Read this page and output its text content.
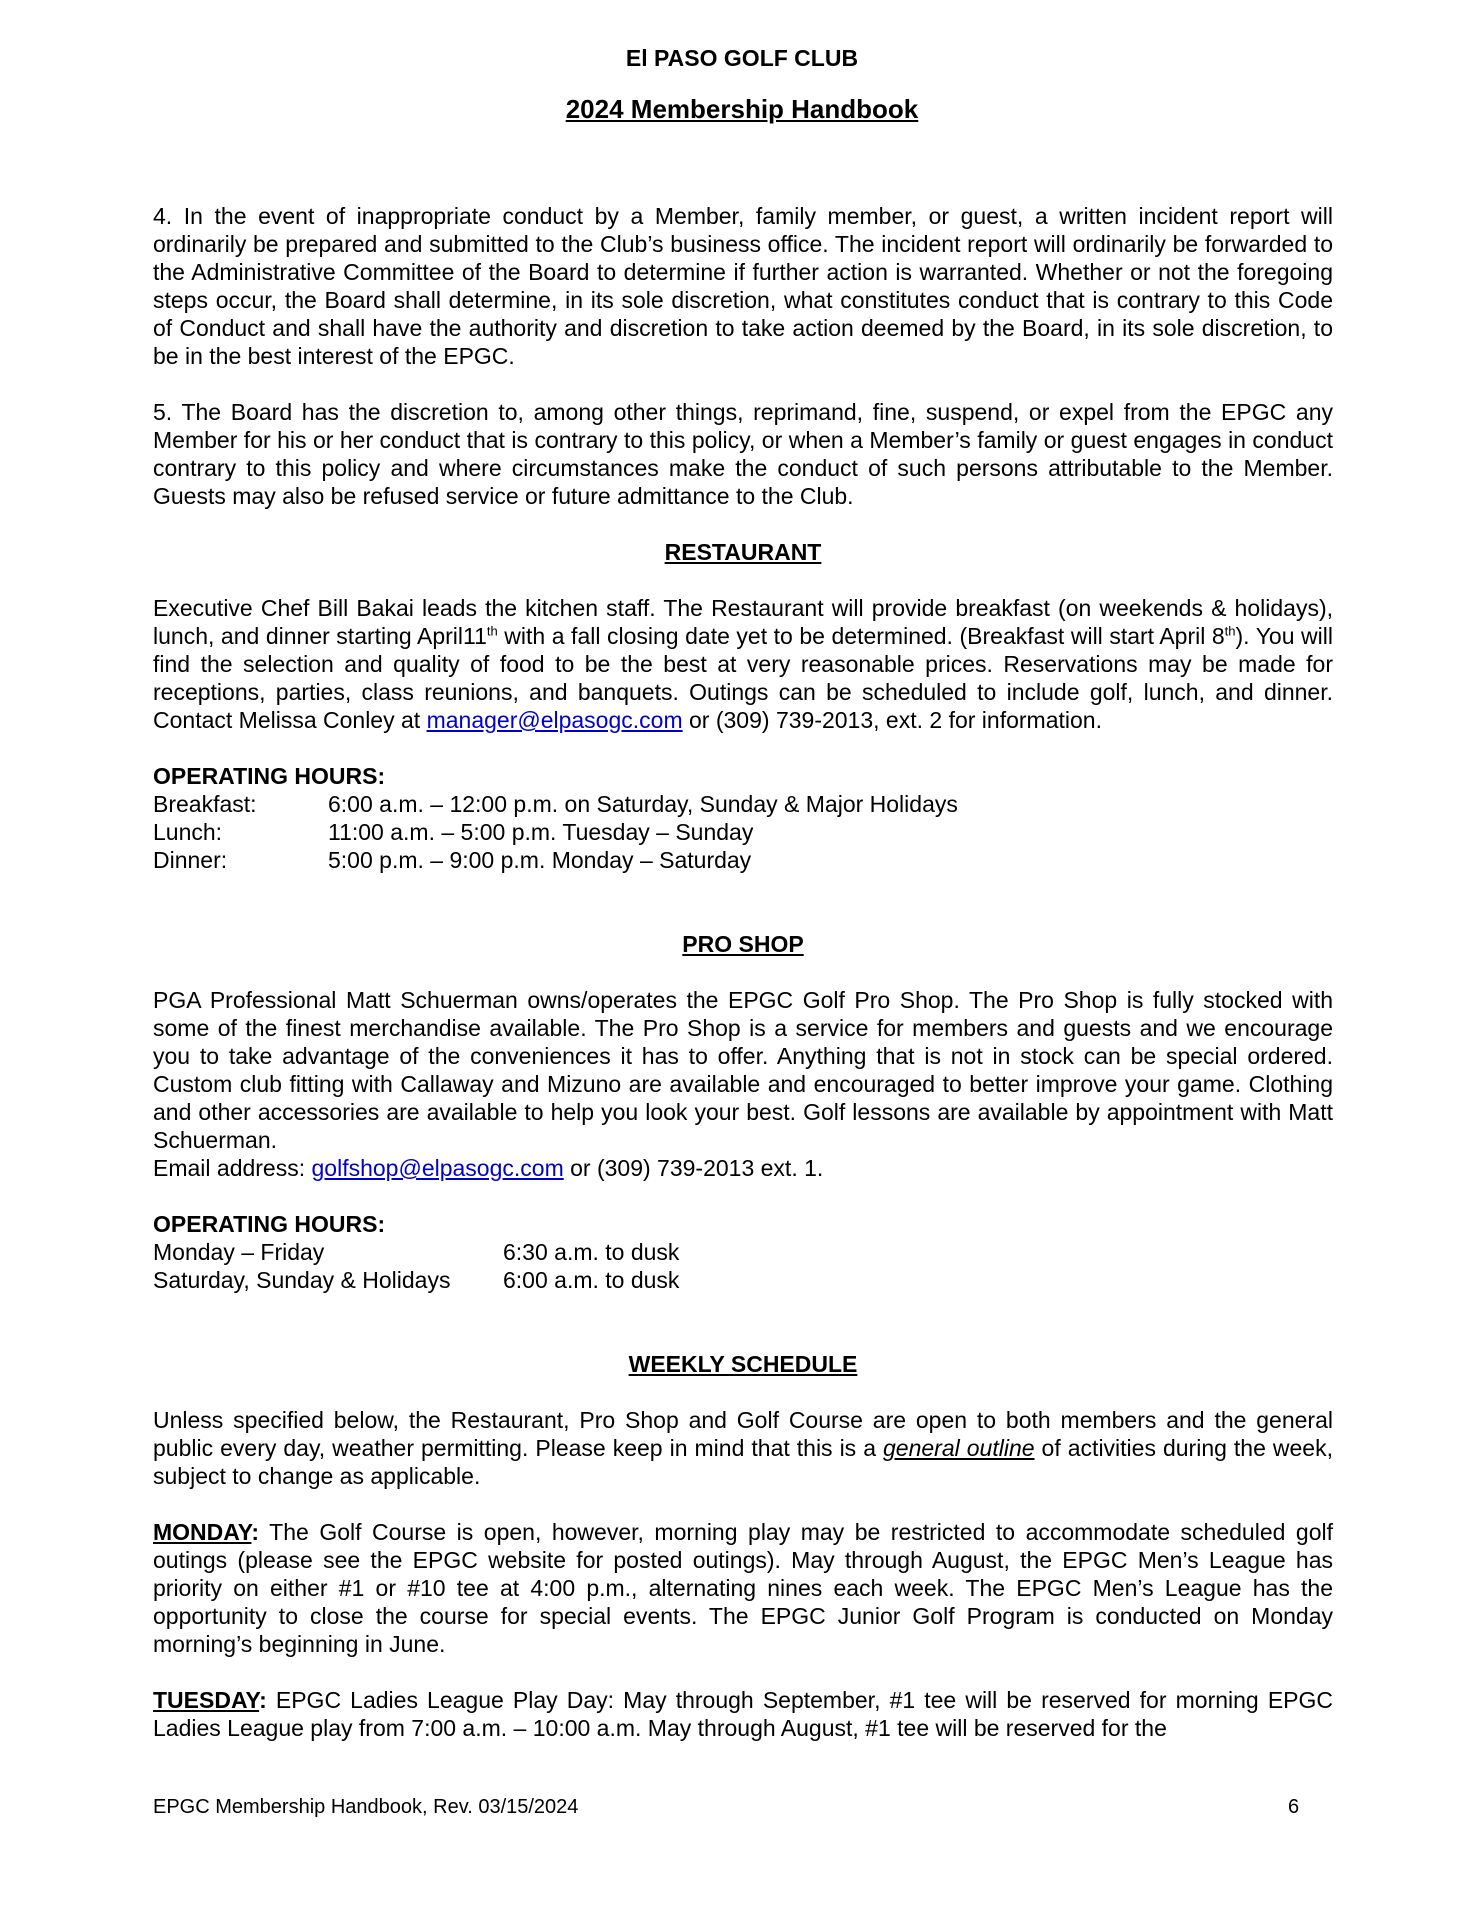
El PASO GOLF CLUB
2024 Membership Handbook

4. In the event of inappropriate conduct by a Member, family member, or guest, a written incident report will ordinarily be prepared and submitted to the Club’s business office. The incident report will ordinarily be forwarded to the Administrative Committee of the Board to determine if further action is warranted. Whether or not the foregoing steps occur, the Board shall determine, in its sole discretion, what constitutes conduct that is contrary to this Code of Conduct and shall have the authority and discretion to take action deemed by the Board, in its sole discretion, to be in the best interest of the EPGC.

5. The Board has the discretion to, among other things, reprimand, fine, suspend, or expel from the EPGC any Member for his or her conduct that is contrary to this policy, or when a Member’s family or guest engages in conduct contrary to this policy and where circumstances make the conduct of such persons attributable to the Member. Guests may also be refused service or future admittance to the Club.

RESTAURANT

Executive Chef Bill Bakai leads the kitchen staff. The Restaurant will provide breakfast (on weekends & holidays), lunch, and dinner starting April11th with a fall closing date yet to be determined. (Breakfast will start April 8th). You will find the selection and quality of food to be the best at very reasonable prices. Reservations may be made for receptions, parties, class reunions, and banquets. Outings can be scheduled to include golf, lunch, and dinner. Contact Melissa Conley at manager@elpasogc.com or (309) 739-2013, ext. 2 for information.

OPERATING HOURS:
Breakfast:	6:00 a.m. – 12:00 p.m. on Saturday, Sunday & Major Holidays
Lunch:	11:00 a.m. – 5:00 p.m. Tuesday – Sunday
Dinner:	5:00 p.m. – 9:00 p.m. Monday – Saturday

PRO SHOP

PGA Professional Matt Schuerman owns/operates the EPGC Golf Pro Shop. The Pro Shop is fully stocked with some of the finest merchandise available. The Pro Shop is a service for members and guests and we encourage you to take advantage of the conveniences it has to offer. Anything that is not in stock can be special ordered. Custom club fitting with Callaway and Mizuno are available and encouraged to better improve your game. Clothing and other accessories are available to help you look your best. Golf lessons are available by appointment with Matt Schuerman.

Email address: golfshop@elpasogc.com or (309) 739-2013 ext. 1.
OPERATING HOURS:
Monday – Friday	6:30 a.m. to dusk
Saturday, Sunday & Holidays	6:00 a.m. to dusk

WEEKLY SCHEDULE

Unless specified below, the Restaurant, Pro Shop and Golf Course are open to both members and the general public every day, weather permitting. Please keep in mind that this is a general outline of activities during the week, subject to change as applicable.

MONDAY: The Golf Course is open, however, morning play may be restricted to accommodate scheduled golf outings (please see the EPGC website for posted outings). May through August, the EPGC Men’s League has priority on either #1 or #10 tee at 4:00 p.m., alternating nines each week. The EPGC Men’s League has the opportunity to close the course for special events. The EPGC Junior Golf Program is conducted on Monday morning’s beginning in June.

TUESDAY: EPGC Ladies League Play Day: May through September, #1 tee will be reserved for morning EPGC Ladies League play from 7:00 a.m. – 10:00 a.m. May through August, #1 tee will be reserved for the

EPGC Membership Handbook, Rev. 03/15/2024	6
